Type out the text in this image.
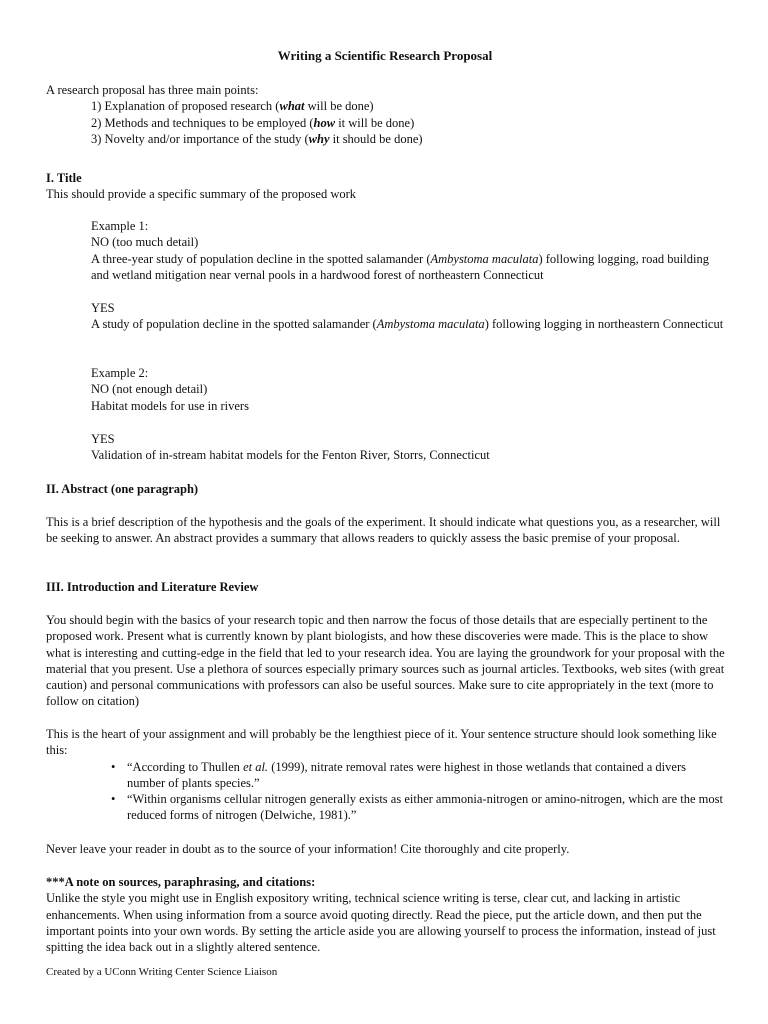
Writing a Scientific Research Proposal

A research proposal has three main points:

1) Explanation of proposed research (what will be done)

2) Methods and techniques to be employed (how it will be done)

3) Novelty and/or importance of the study (why it should be done)

I. Title

This should provide a specific summary of the proposed work

Example 1:

NO (too much detail)

A three-year study of population decline in the spotted salamander (Ambystoma maculata) following logging, road building and wetland mitigation near vernal pools in a hardwood forest of northeastern Connecticut

YES

A study of population decline in the spotted salamander (Ambystoma maculata) following logging in northeastern Connecticut

Example 2:

NO (not enough detail)

Habitat models for use in rivers

YES

Validation of in-stream habitat models for the Fenton River, Storrs, Connecticut

II. Abstract (one paragraph)

This is a brief description of the hypothesis and the goals of the experiment. It should indicate what questions you, as a researcher, will be seeking to answer. An abstract provides a summary that allows readers to quickly assess the basic premise of your proposal.

III. Introduction and Literature Review

You should begin with the basics of your research topic and then narrow the focus of those details that are especially pertinent to the proposed work. Present what is currently known by plant biologists, and how these discoveries were made. This is the place to show what is interesting and cutting-edge in the field that led to your research idea. You are laying the groundwork for your proposal with the material that you present. Use a plethora of sources especially primary sources such as journal articles. Textbooks, web sites (with great caution) and personal communications with professors can also be useful sources. Make sure to cite appropriately in the text (more to follow on citation)

This is the heart of your assignment and will probably be the lengthiest piece of it. Your sentence structure should look something like this:

• “According to Thullen et al. (1999), nitrate removal rates were highest in those wetlands that contained a divers number of plants species.”
• “Within organisms cellular nitrogen generally exists as either ammonia-nitrogen or amino-nitrogen, which are the most reduced forms of nitrogen (Delwiche, 1981).”

Never leave your reader in doubt as to the source of your information! Cite thoroughly and cite properly.

***A note on sources, paraphrasing, and citations:

Unlike the style you might use in English expository writing, technical science writing is terse, clear cut, and lacking in artistic enhancements. When using information from a source avoid quoting directly. Read the piece, put the article down, and then put the important points into your own words. By setting the article aside you are allowing yourself to process the information, instead of just spitting the idea back out in a slightly altered sentence.

Created by a UConn Writing Center Science Liaison
